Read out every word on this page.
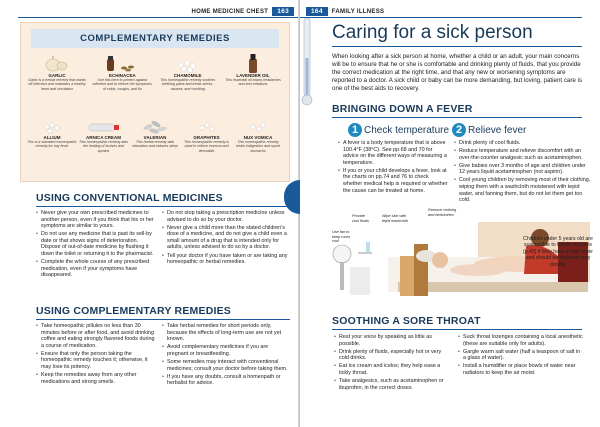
HOME MEDICINE CHEST	163
COMPLEMENTARY REMEDIES
GARLIC
Garlic is a herbal remedy that wards off infection and maintains a healthy heart and circulation
ECHINACEA
Use this herb to protect against infection and to relieve the symptoms of colds, coughs, and flu
CHAMOMILE
This homeopathic remedy soothes teething pains and treats stress, nausea, and vomiting
LAVENDER OIL
This essential oil eases headaches and skin irritations
ALLIUM
This is a standard homeopathic remedy for hay fever
ARNICA CREAM
This homeopathic remedy aids the healing of bruises and sprains
VALERIAN
This herbal remedy aids relaxation and induces sleep
GRAPHITES
This homeopathic remedy is used to relieve eczema and dermatitis
NUX VOMICA
This homeopathic remedy treats indigestion and upset stomachs
USING CONVENTIONAL MEDICINES
• Never give your own prescribed medicines to another person, even if you think that his or her symptoms are similar to yours.
• Do not use any medicine that is past its sell-by date or that shows signs of deterioration. Dispose of out-of-date medicine by flushing it down the toilet or returning it to the pharmacist.
• Complete the whole course of any prescribed medication, even if your symptoms have disappeared.
• Do not stop taking a prescription medicine unless advised to do so by your doctor.
• Never give a child more than the stated children's dose of a medicine, and do not give a child even a small amount of a drug that is intended only for adults, unless advised to do so by a doctor.
• Tell your doctor if you have taken or are taking any homeopathic or herbal remedies.
USING COMPLEMENTARY REMEDIES
• Take homeopathic pillules no less than 30 minutes before or after food, and avoid drinking coffee and eating strongly flavored foods during a course of medication.
• Ensure that only the person taking the homeopathic remedy touches it; otherwise, it may lose its potency.
• Keep the remedies away from any other medications and strong smells.
• Take herbal remedies for short periods only, because the effects of long-term use are not yet known.
• Avoid complementary medicines if you are pregnant or breastfeeding.
• Some remedies may interact with conventional medicines; consult your doctor before taking them.
• If you have any doubts, consult a homeopath or herbalist for advice.
164	FAMILY ILLNESS
Caring for a sick person
When looking after a sick person at home, whether a child or an adult, your main concerns will be to ensure that he or she is comfortable and drinking plenty of fluids, that you provide the correct medication at the right time, and that any new or worsening symptoms are reported to a doctor. A sick child or baby can be more demanding, but loving, patient care is one of the best aids to recovery.
BRINGING DOWN A FEVER
1 Check temperature
• A fever is a body temperature that is above 100.4°F (38°C). See pp.68 and 70 for advice on the different ways of measuring a temperature.
• If you or your child develops a fever, look at the charts on pp.74 and 76 to check whether medical help is required or whether the cause can be treated at home.
2 Relieve fever
• Drink plenty of cool fluids.
• Reduce temperature and relieve discomfort with an over-the-counter analgesic such as acetaminophen.
• Give babies over 3 months of age and children under 12 years liquid acetaminophen (not aspirin).
• Cool young children by removing most of their clothing, wiping them with a washcloth moistened with tepid water, and fanning them, but do not let them get too cold.
Use fan to keep room cool
Provide cool fluids
Wipe skin with tepid washcloth
Remove clothing and bedclothes
Children under 5 years old are susceptible to febrile seizures (p.43) if they have a high fever and should be watched very closely.
SOOTHING A SORE THROAT
• Rest your voice by speaking as little as possible.
• Drink plenty of fluids, especially hot or very cold drinks.
• Eat ice cream and icelos; they help ease a tickly throat.
• Take analgesics, such as acetaminophen or ibuprofen, in the correct doses.
• Suck throat lozenges containing a local anesthetic (these are suitable only for adults).
• Gargle warm salt water (half a teaspoon of salt in a glass of water).
• Install a humidifier or place bowls of water near radiators to keep the air moist.
